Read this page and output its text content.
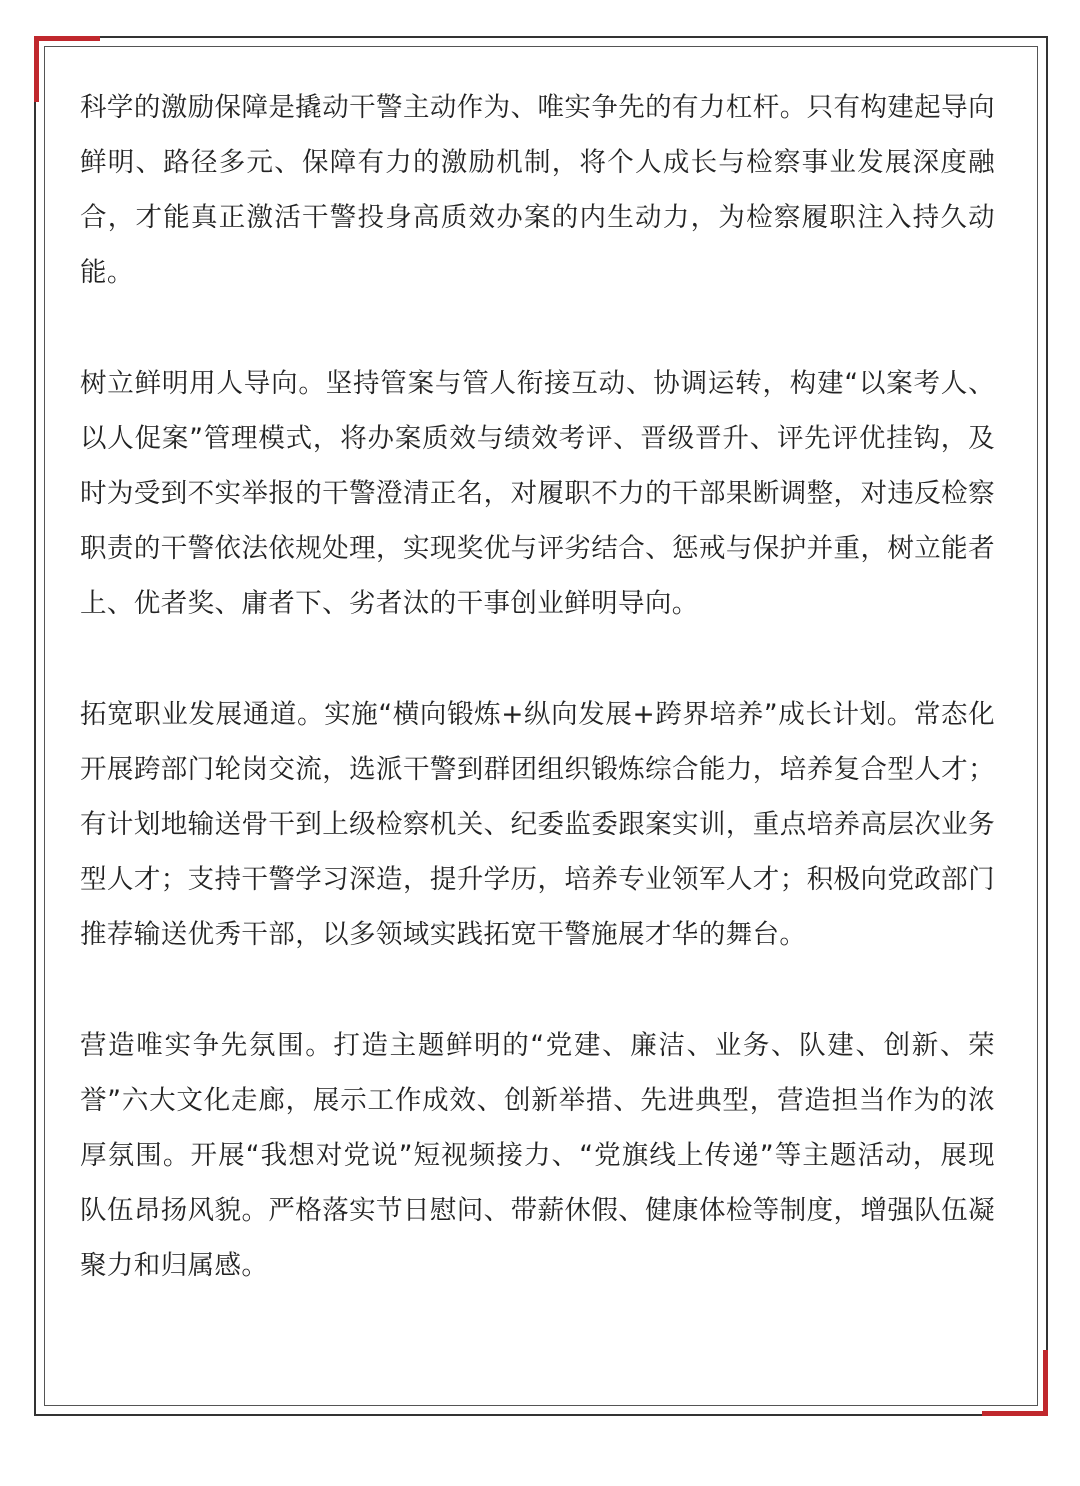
科学的激励保障是撬动干警主动作为、唯实争先的有力杠杆。只有构建起导向鲜明、路径多元、保障有力的激励机制，将个人成长与检察事业发展深度融合，才能真正激活干警投身高质效办案的内生动力，为检察履职注入持久动能。

树立鲜明用人导向。坚持管案与管人衔接互动、协调运转，构建“以案考人、以人促案”管理模式，将办案质效与绩效考评、晋级晋升、评先评优挂钩，及时为受到不实举报的干警澄清正名，对履职不力的干部果断调整，对违反检察职责的干警依法依规处理，实现奖优与评劣结合、惩戒与保护并重，树立能者上、优者奖、庸者下、劣者汰的干事创业鲜明导向。

拓宽职业发展通道。实施“横向锻炼+纵向发展+跨界培养”成长计划。常态化开展跨部门轮岗交流，选派干警到群团组织锻炼综合能力，培养复合型人才；有计划地输送骨干到上级检察机关、纪委监委跟案实训，重点培养高层次业务型人才；支持干警学习深造，提升学历，培养专业领军人才；积极向党政部门推荐输送优秀干部，以多领域实践拓宽干警施展才华的舞台。

营造唯实争先氛围。打造主题鲜明的“党建、廉洁、业务、队建、创新、荣誉”六大文化走廊，展示工作成效、创新举措、先进典型，营造担当作为的浓厚氛围。开展“我想对党说”短视频接力、“党旗线上传递”等主题活动，展现队伍昂扬风貌。严格落实节日慰问、带薪休假、健康体检等制度，增强队伍凝聚力和归属感。
